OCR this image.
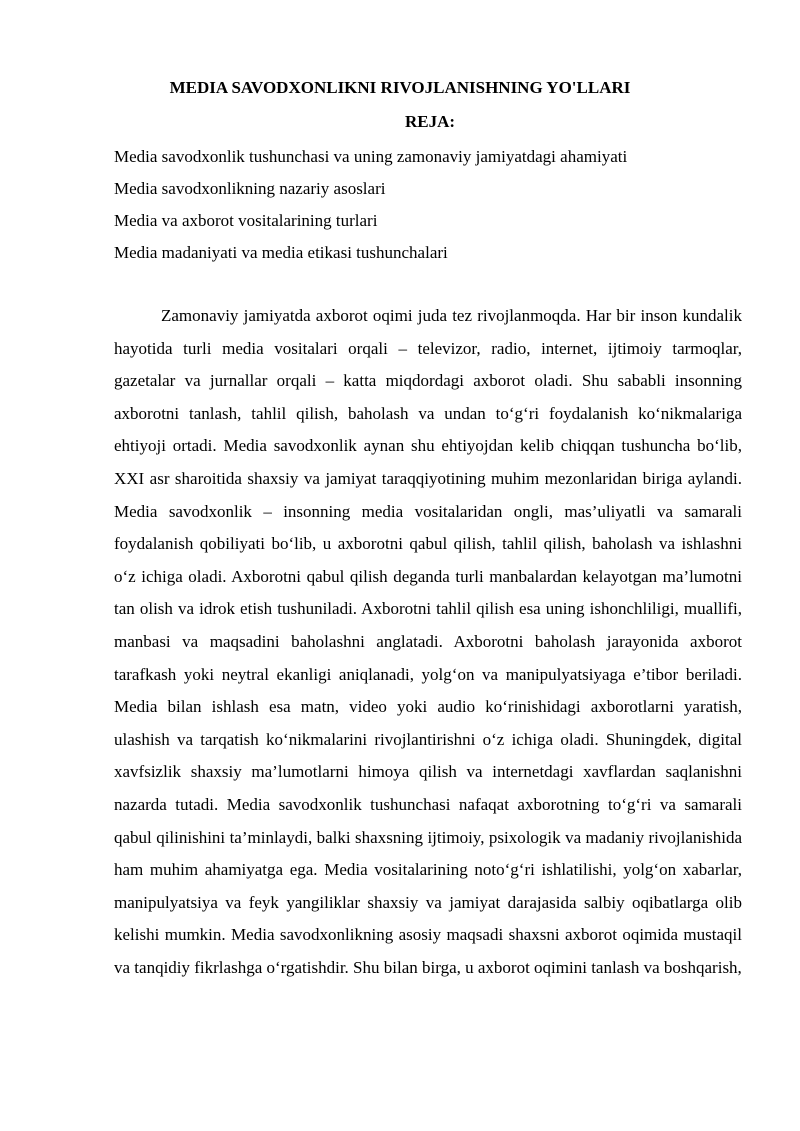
MEDIA SAVODXONLIKNI RIVOJLANISHNING YO'LLARI
REJA:
Media savodxonlik tushunchasi va uning zamonaviy jamiyatdagi ahamiyati
Media savodxonlikning nazariy asoslari
Media va axborot vositalarining turlari
Media madaniyati va media etikasi tushunchalari

Zamonaviy jamiyatda axborot oqimi juda tez rivojlanmoqda. Har bir inson kundalik hayotida turli media vositalari orqali – televizor, radio, internet, ijtimoiy tarmoqlar, gazetalar va jurnallar orqali – katta miqdordagi axborot oladi. Shu sababli insonning axborotni tanlash, tahlil qilish, baholash va undan to‘g‘ri foydalanish ko‘nikmalariga ehtiyoji ortadi. Media savodxonlik aynan shu ehtiyojdan kelib chiqqan tushuncha bo‘lib, XXI asr sharoitida shaxsiy va jamiyat taraqqiyotining muhim mezonlaridan biriga aylandi. Media savodxonlik – insonning media vositalaridan ongli, mas’uliyatli va samarali foydalanish qobiliyati bo‘lib, u axborotni qabul qilish, tahlil qilish, baholash va ishlashni o‘z ichiga oladi. Axborotni qabul qilish deganda turli manbalardan kelayotgan ma’lumotni tan olish va idrok etish tushuniladi. Axborotni tahlil qilish esa uning ishonchliligi, muallifi, manbasi va maqsadini baholashni anglatadi. Axborotni baholash jarayonida axborot tarafkash yoki neytral ekanligi aniqlanadi, yolg‘on va manipulyatsiyaga e’tibor beriladi. Media bilan ishlash esa matn, video yoki audio ko‘rinishidagi axborotlarni yaratish, ulashish va tarqatish ko‘nikmalarini rivojlantirishni o‘z ichiga oladi. Shuningdek, digital xavfsizlik shaxsiy ma’lumotlarni himoya qilish va internetdagi xavflardan saqlanishni nazarda tutadi. Media savodxonlik tushunchasi nafaqat axborotning to‘g‘ri va samarali qabul qilinishini ta’minlaydi, balki shaxsning ijtimoiy, psixologik va madaniy rivojlanishida ham muhim ahamiyatga ega. Media vositalarining noto‘g‘ri ishlatilishi, yolg‘on xabarlar, manipulyatsiya va feyk yangiliklar shaxsiy va jamiyat darajasida salbiy oqibatlarga olib kelishi mumkin. Media savodxonlikning asosiy maqsadi shaxsni axborot oqimida mustaqil va tanqidiy fikrlashga o‘rgatishdir. Shu bilan birga, u axborot oqimini tanlash va boshqarish,
